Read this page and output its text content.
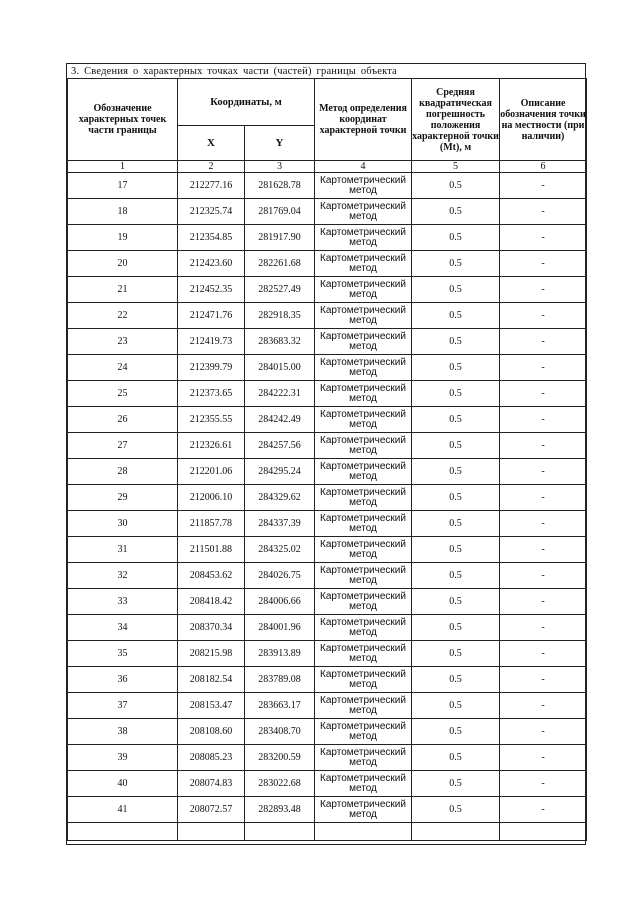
3. Сведения о характерных точках части (частей) границы объекта
Обозначение характерных точек части границы	Координаты, м		Метод определения координат характерной точки	Средняя квадратическая погрешность положения характерной точки (Mt), м	Описание обозначения точки на местности (при наличии)
	X	Y			
1	2	3	4	5	6
17	212277.16	281628.78	Картометрический метод	0.5	-
18	212325.74	281769.04	Картометрический метод	0.5	-
19	212354.85	281917.90	Картометрический метод	0.5	-
20	212423.60	282261.68	Картометрический метод	0.5	-
21	212452.35	282527.49	Картометрический метод	0.5	-
22	212471.76	282918.35	Картометрический метод	0.5	-
23	212419.73	283683.32	Картометрический метод	0.5	-
24	212399.79	284015.00	Картометрический метод	0.5	-
25	212373.65	284222.31	Картометрический метод	0.5	-
26	212355.55	284242.49	Картометрический метод	0.5	-
27	212326.61	284257.56	Картометрический метод	0.5	-
28	212201.06	284295.24	Картометрический метод	0.5	-
29	212006.10	284329.62	Картометрический метод	0.5	-
30	211857.78	284337.39	Картометрический метод	0.5	-
31	211501.88	284325.02	Картометрический метод	0.5	-
32	208453.62	284026.75	Картометрический метод	0.5	-
33	208418.42	284006.66	Картометрический метод	0.5	-
34	208370.34	284001.96	Картометрический метод	0.5	-
35	208215.98	283913.89	Картометрический метод	0.5	-
36	208182.54	283789.08	Картометрический метод	0.5	-
37	208153.47	283663.17	Картометрический метод	0.5	-
38	208108.60	283408.70	Картометрический метод	0.5	-
39	208085.23	283200.59	Картометрический метод	0.5	-
40	208074.83	283022.68	Картометрический метод	0.5	-
41	208072.57	282893.48	Картометрический метод	0.5	-
